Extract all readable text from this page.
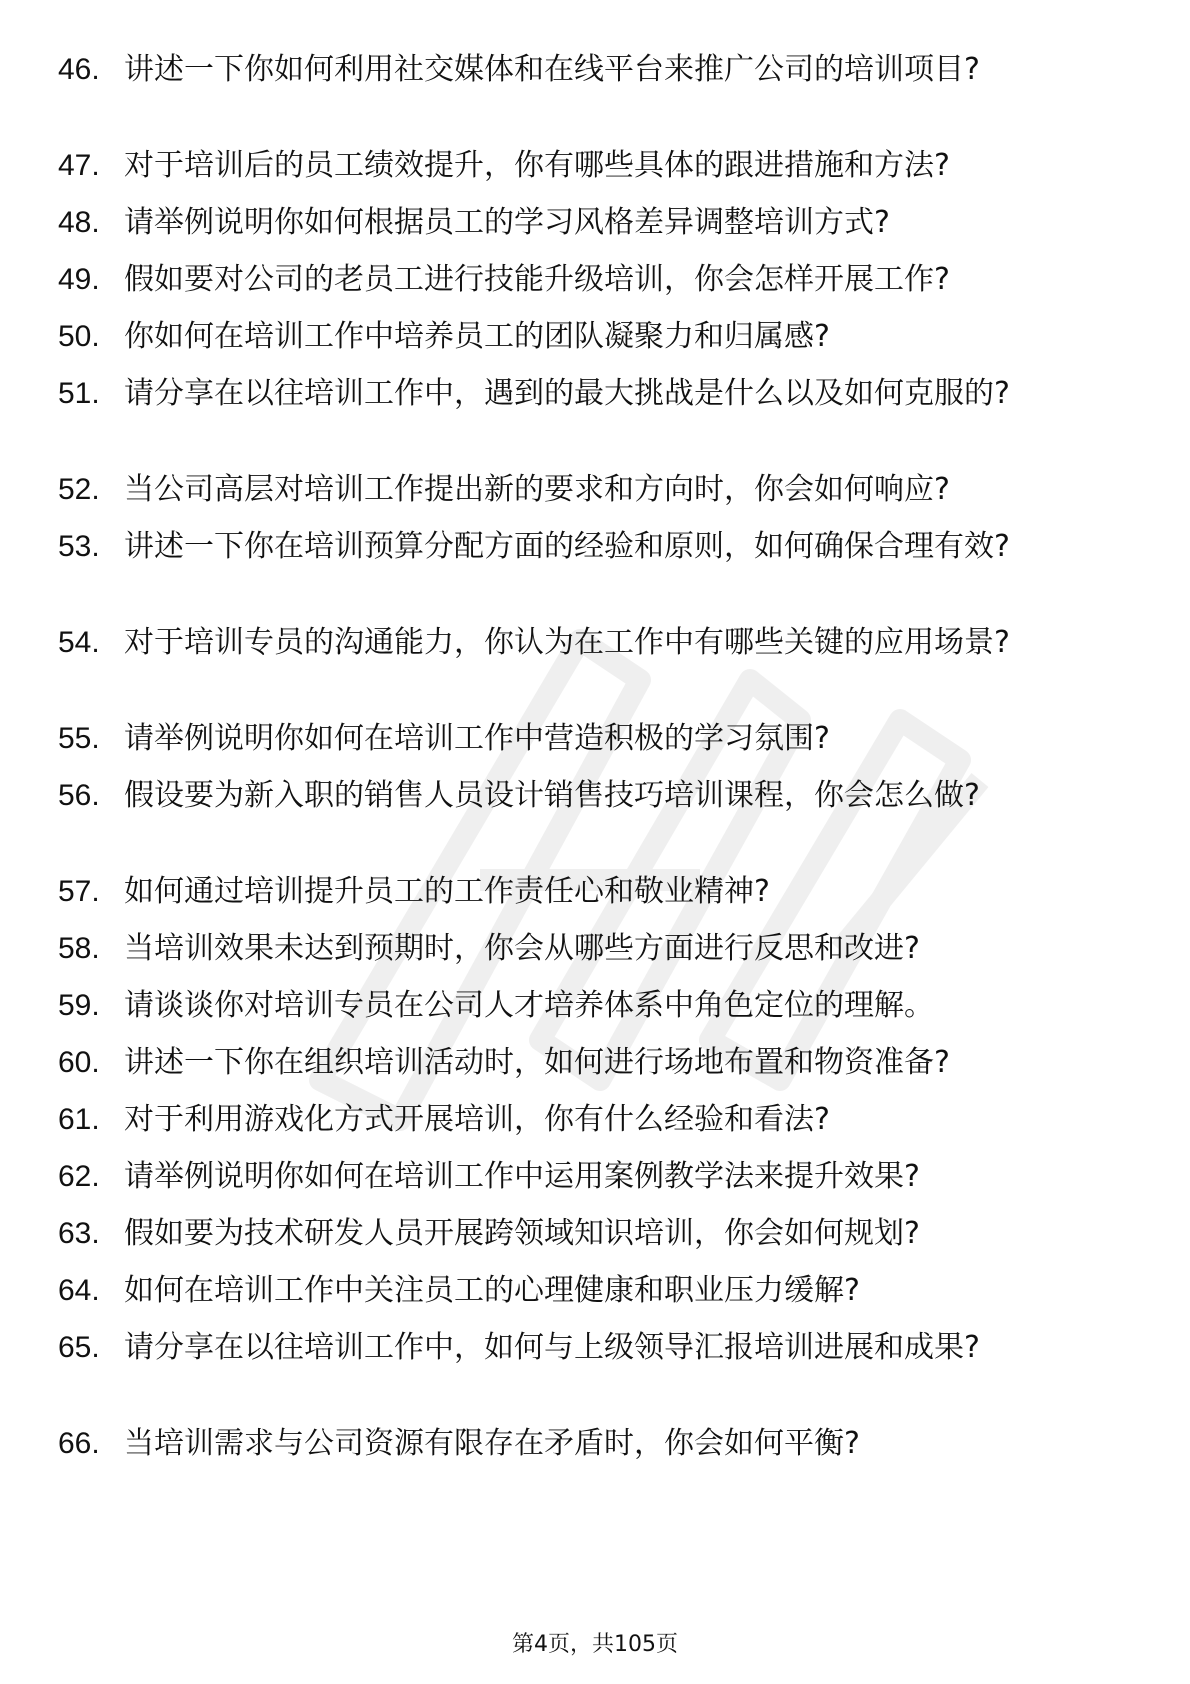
46. 讲述一下你如何利用社交媒体和在线平台来推广公司的培训项目?
47. 对于培训后的员工绩效提升，你有哪些具体的跟进措施和方法?
48. 请举例说明你如何根据员工的学习风格差异调整培训方式?
49. 假如要对公司的老员工进行技能升级培训，你会怎样开展工作?
50. 你如何在培训工作中培养员工的团队凝聚力和归属感?
51. 请分享在以往培训工作中，遇到的最大挑战是什么以及如何克服的?
52. 当公司高层对培训工作提出新的要求和方向时，你会如何响应?
53. 讲述一下你在培训预算分配方面的经验和原则，如何确保合理有效?
54. 对于培训专员的沟通能力，你认为在工作中有哪些关键的应用场景?
55. 请举例说明你如何在培训工作中营造积极的学习氛围?
56. 假设要为新入职的销售人员设计销售技巧培训课程，你会怎么做?
57. 如何通过培训提升员工的工作责任心和敬业精神?
58. 当培训效果未达到预期时，你会从哪些方面进行反思和改进?
59. 请谈谈你对培训专员在公司人才培养体系中角色定位的理解。
60. 讲述一下你在组织培训活动时，如何进行场地布置和物资准备?
61. 对于利用游戏化方式开展培训，你有什么经验和看法?
62. 请举例说明你如何在培训工作中运用案例教学法来提升效果?
63. 假如要为技术研发人员开展跨领域知识培训，你会如何规划?
64. 如何在培训工作中关注员工的心理健康和职业压力缓解?
65. 请分享在以往培训工作中，如何与上级领导汇报培训进展和成果?
66. 当培训需求与公司资源有限存在矛盾时，你会如何平衡?
第4页，共105页
